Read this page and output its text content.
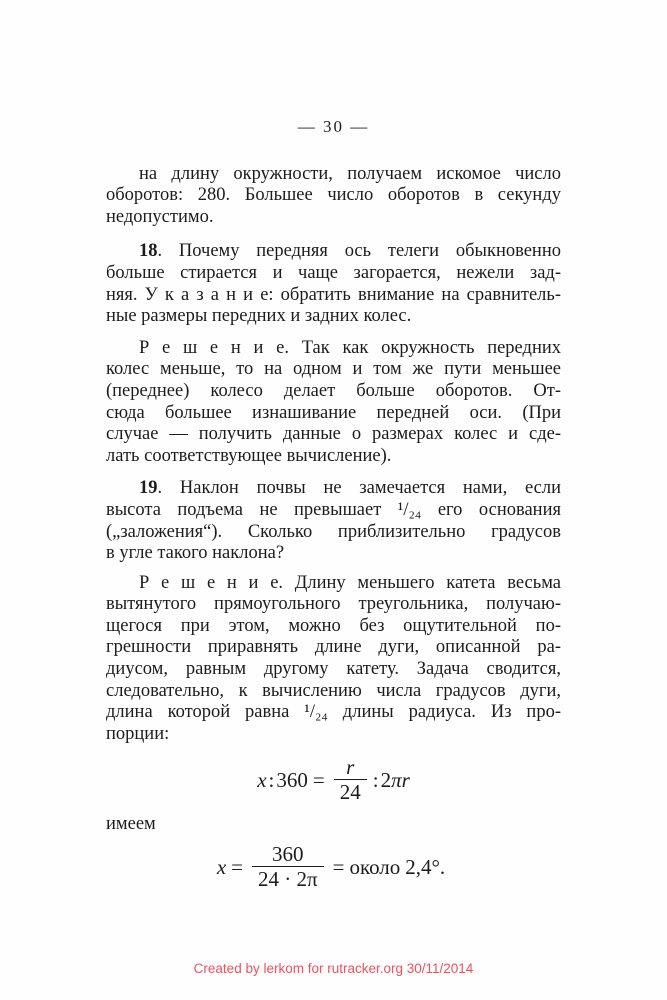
— 30 —
на длину окружности, получаем искомое число
оборотов: 280. Большее число оборотов в секунду
недопустимо.
18. Почему передняя ось телеги обыкновенно
больше стирается и чаще загорается, нежели зад-
няя. У к а з а н и е: обратить внимание на сравнитель-
ные размеры передних и задних колес.
Р е ш е н и е. Так как окружность передних
колес меньше, то на одном и том же пути меньшее
(переднее) колесо делает больше оборотов. От-
сюда большее изнашивание передней оси. (При
случае — получить данные о размерах колес и сде-
лать соответствующее вычисление).
19. Наклон почвы не замечается нами, если
высота подъема не превышает ¹/₂₄ его основания
(„заложения“). Сколько приблизительно градусов
в угле такого наклона?
Р е ш е н и е. Длину меньшего катета весьма
вытянутого прямоугольного треугольника, получаю-
щегося при этом, можно без ощутительной по-
грешности приравнять длине дуги, описанной ра-
диусом, равным другому катету. Задача сводится,
следовательно, к вычислению числа градусов дуги,
длина которой равна ¹/₂₄ длины радиуса. Из про-
порции:
x : $360 = \frac{r}{24}$ : 2 πr
имеем
$x = \frac{360}{24 \cdot 2\pi}$ = около 2,4°.
Created by lerkom for rutracker.org 30/11/2014
